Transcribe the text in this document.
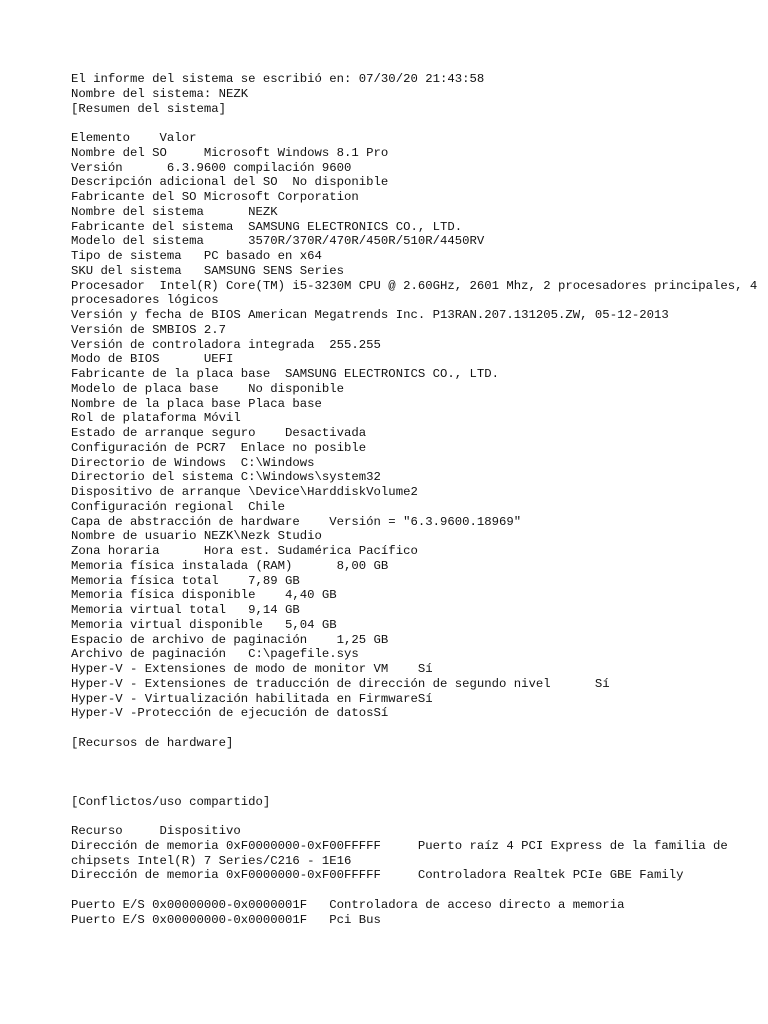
El informe del sistema se escribió en: 07/30/20 21:43:58

Nombre del sistema: NEZK

[Resumen del sistema]

Elemento    Valor

Nombre del SO     Microsoft Windows 8.1 Pro

Versión      6.3.9600 compilación 9600

Descripción adicional del SO  No disponible

Fabricante del SO Microsoft Corporation

Nombre del sistema      NEZK

Fabricante del sistema  SAMSUNG ELECTRONICS CO., LTD.

Modelo del sistema      3570R/370R/470R/450R/510R/4450RV

Tipo de sistema   PC basado en x64

SKU del sistema   SAMSUNG SENS Series

Procesador  Intel(R) Core(TM) i5-3230M CPU @ 2.60GHz, 2601 Mhz, 2 procesadores principales, 4 procesadores lógicos

Versión y fecha de BIOS American Megatrends Inc. P13RAN.207.131205.ZW, 05-12-2013

Versión de SMBIOS 2.7

Versión de controladora integrada  255.255

Modo de BIOS      UEFI

Fabricante de la placa base  SAMSUNG ELECTRONICS CO., LTD.

Modelo de placa base    No disponible

Nombre de la placa base Placa base

Rol de plataforma Móvil

Estado de arranque seguro    Desactivada

Configuración de PCR7  Enlace no posible

Directorio de Windows  C:\Windows

Directorio del sistema C:\Windows\system32

Dispositivo de arranque \Device\HarddiskVolume2

Configuración regional  Chile

Capa de abstracción de hardware    Versión = "6.3.9600.18969"

Nombre de usuario NEZK\Nezk Studio

Zona horaria      Hora est. Sudamérica Pacífico

Memoria física instalada (RAM)      8,00 GB

Memoria física total    7,89 GB

Memoria física disponible    4,40 GB

Memoria virtual total   9,14 GB

Memoria virtual disponible   5,04 GB

Espacio de archivo de paginación    1,25 GB

Archivo de paginación   C:\pagefile.sys

Hyper-V - Extensiones de modo de monitor VM    Sí

Hyper-V - Extensiones de traducción de dirección de segundo nivel      Sí

Hyper-V - Virtualización habilitada en FirmwareSí

Hyper-V -Protección de ejecución de datosSí

[Recursos de hardware]

[Conflictos/uso compartido]

Recurso     Dispositivo

Dirección de memoria 0xF0000000-0xF00FFFFF     Puerto raíz 4 PCI Express de la familia de chipsets Intel(R) 7 Series/C216 - 1E16

Dirección de memoria 0xF0000000-0xF00FFFFF     Controladora Realtek PCIe GBE Family

Puerto E/S 0x00000000-0x0000001F   Controladora de acceso directo a memoria

Puerto E/S 0x00000000-0x0000001F   Pci Bus
